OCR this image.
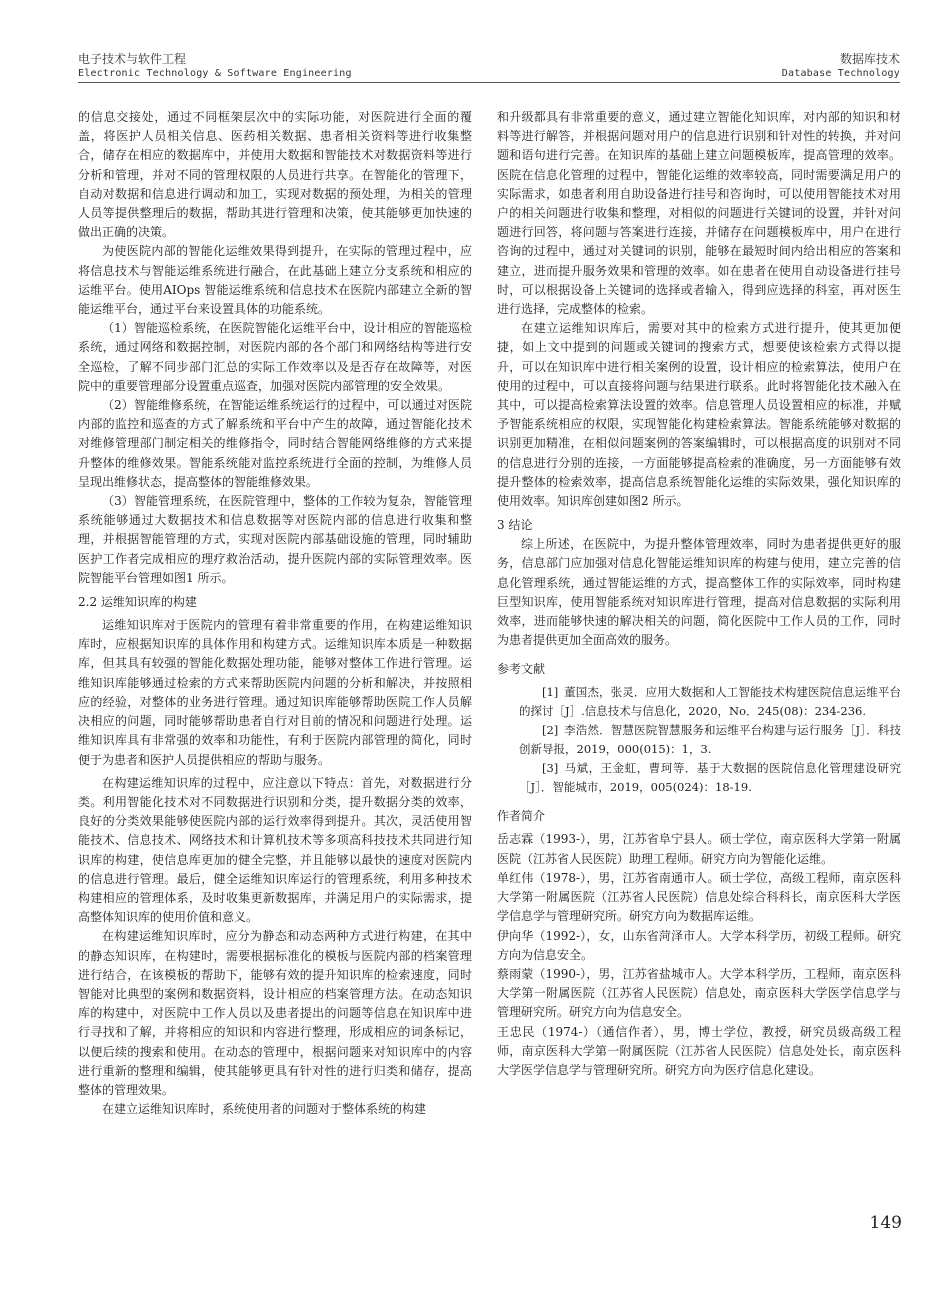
电子技术与软件工程
Electronic Technology & Software Engineering
数据库技术
Database Technology

的信息交接处，通过不同框架层次中的实际功能，对医院进行全面的覆盖，将医护人员相关信息、医药相关数据、患者相关资料等进行收集整合，储存在相应的数据库中，并使用大数据和智能技术对数据资料等进行分析和管理，并对不同的管理权限的人员进行共享。在智能化的管理下，自动对数据和信息进行调动和加工，实现对数据的预处理，为相关的管理人员等提供整理后的数据，帮助其进行管理和决策，使其能够更加快速的做出正确的决策。

为使医院内部的智能化运维效果得到提升，在实际的管理过程中，应将信息技术与智能运维系统进行融合，在此基础上建立分支系统和相应的运维平台。使用AIOps 智能运维系统和信息技术在医院内部建立全新的智能运维平台，通过平台来设置具体的功能系统。

（1）智能巡检系统，在医院智能化运维平台中，设计相应的智能巡检系统，通过网络和数据控制，对医院内部的各个部门和网络结构等进行安全巡检，了解不同步部门汇总的实际工作效率以及是否存在故障等，对医院中的重要管理部分设置重点巡查，加强对医院内部管理的安全效果。

（2）智能维修系统，在智能运维系统运行的过程中，可以通过对医院内部的监控和巡查的方式了解系统和平台中产生的故障，通过智能化技术对维修管理部门制定相关的维修指令，同时结合智能网络维修的方式来提升整体的维修效果。智能系统能对监控系统进行全面的控制，为维修人员呈现出维修状态，提高整体的智能维修效果。

（3）智能管理系统，在医院管理中，整体的工作较为复杂，智能管理系统能够通过大数据技术和信息数据等对医院内部的信息进行收集和整理，并根据智能管理的方式，实现对医院内部基础设施的管理，同时辅助医护工作者完成相应的理疗救治活动，提升医院内部的实际管理效率。医院智能平台管理如图1 所示。

2.2 运维知识库的构建

运维知识库对于医院内的管理有着非常重要的作用，在构建运维知识库时，应根据知识库的具体作用和构建方式。运维知识库本质是一种数据库，但其具有较强的智能化数据处理功能，能够对整体工作进行管理。运维知识库能够通过检索的方式来帮助医院内问题的分析和解决，并按照相应的经验，对整体的业务进行管理。通过知识库能够帮助医院工作人员解决相应的问题，同时能够帮助患者自行对目前的情况和问题进行处理。运维知识库具有非常强的效率和功能性，有利于医院内部管理的简化，同时便于为患者和医护人员提供相应的帮助与服务。

在构建运维知识库的过程中，应注意以下特点：首先，对数据进行分类。利用智能化技术对不同数据进行识别和分类，提升数据分类的效率，良好的分类效果能够使医院内部的运行效率得到提升。其次，灵活使用智能技术、信息技术、网络技术和计算机技术等多项高科技技术共同进行知识库的构建，使信息库更加的健全完整，并且能够以最快的速度对医院内的信息进行管理。最后，健全运维知识库运行的管理系统，利用多种技术构建相应的管理体系，及时收集更新数据库，并满足用户的实际需求，提高整体知识库的使用价值和意义。

在构建运维知识库时，应分为静态和动态两种方式进行构建，在其中的静态知识库，在构建时，需要根据标准化的模板与医院内部的档案管理进行结合，在该模板的帮助下，能够有效的提升知识库的检索速度，同时智能对比典型的案例和数据资料，设计相应的档案管理方法。在动态知识库的构建中，对医院中工作人员以及患者提出的问题等信息在知识库中进行寻找和了解，并将相应的知识和内容进行整理，形成相应的词条标记，以便后续的搜索和使用。在动态的管理中，根据问题来对知识库中的内容进行重新的整理和编辑，使其能够更具有针对性的进行归类和储存，提高整体的管理效果。

在建立运维知识库时，系统使用者的问题对于整体系统的构建

和升级都具有非常重要的意义，通过建立智能化知识库，对内部的知识和材料等进行解答，并根据问题对用户的信息进行识别和针对性的转换，并对问题和语句进行完善。在知识库的基础上建立问题模板库，提高管理的效率。医院在信息化管理的过程中，智能化运维的效率较高，同时需要满足用户的实际需求，如患者利用自助设备进行挂号和咨询时，可以使用智能技术对用户的相关问题进行收集和整理，对相似的问题进行关键词的设置，并针对问题进行回答，将问题与答案进行连接，并储存在问题模板库中，用户在进行咨询的过程中，通过对关键词的识别，能够在最短时间内给出相应的答案和建立，进而提升服务效果和管理的效率。如在患者在使用自动设备进行挂号时，可以根据设备上关键词的选择或者输入，得到应选择的科室，再对医生进行选择，完成整体的检索。

在建立运维知识库后，需要对其中的检索方式进行提升，使其更加便捷，如上文中提到的问题或关键词的搜索方式，想要使该检索方式得以提升，可以在知识库中进行相关案例的设置，设计相应的检索算法，使用户在使用的过程中，可以直接将问题与结果进行联系。此时将智能化技术融入在其中，可以提高检索算法设置的效率。信息管理人员设置相应的标准，并赋予智能系统相应的权限，实现智能化构建检索算法。智能系统能够对数据的识别更加精准，在相似问题案例的答案编辑时，可以根据高度的识别对不同的信息进行分别的连接，一方面能够提高检索的准确度，另一方面能够有效提升整体的检索效率，提高信息系统智能化运维的实际效果，强化知识库的使用效率。知识库创建如图2 所示。

3 结论

综上所述，在医院中，为提升整体管理效率，同时为患者提供更好的服务，信息部门应加强对信息化智能运维知识库的构建与使用，建立完善的信息化管理系统，通过智能运维的方式，提高整体工作的实际效率，同时构建巨型知识库，使用智能系统对知识库进行管理，提高对信息数据的实际利用效率，进而能够快速的解决相关的问题，简化医院中工作人员的工作，同时为患者提供更加全面高效的服务。

参考文献

[1] 董国杰，张灵．应用大数据和人工智能技术构建医院信息运维平台的探讨［J］.信息技术与信息化，2020，No．245(08)：234-236.

[2] 李浩然．智慧医院智慧服务和运维平台构建与运行服务［J］．科技创新导报，2019，000(015)：1，3.

[3] 马斌，王金虹，曹珂等．基于大数据的医院信息化管理建设研究［J］．智能城市，2019，005(024)：18-19.

作者简介

岳志霖（1993-），男，江苏省阜宁县人。硕士学位，南京医科大学第一附属医院（江苏省人民医院）助理工程师。研究方向为智能化运维。

单红伟（1978-），男，江苏省南通市人。硕士学位，高级工程师，南京医科大学第一附属医院（江苏省人民医院）信息处综合科科长，南京医科大学医学信息学与管理研究所。研究方向为数据库运维。

伊向华（1992-），女，山东省菏泽市人。大学本科学历，初级工程师。研究方向为信息安全。

蔡雨蒙（1990-），男，江苏省盐城市人。大学本科学历，工程师，南京医科大学第一附属医院（江苏省人民医院）信息处，南京医科大学医学信息学与管理研究所。研究方向为信息安全。

王忠民（1974-）（通信作者），男，博士学位，教授，研究员级高级工程师，南京医科大学第一附属医院（江苏省人民医院）信息处处长，南京医科大学医学信息学与管理研究所。研究方向为医疗信息化建设。

149
